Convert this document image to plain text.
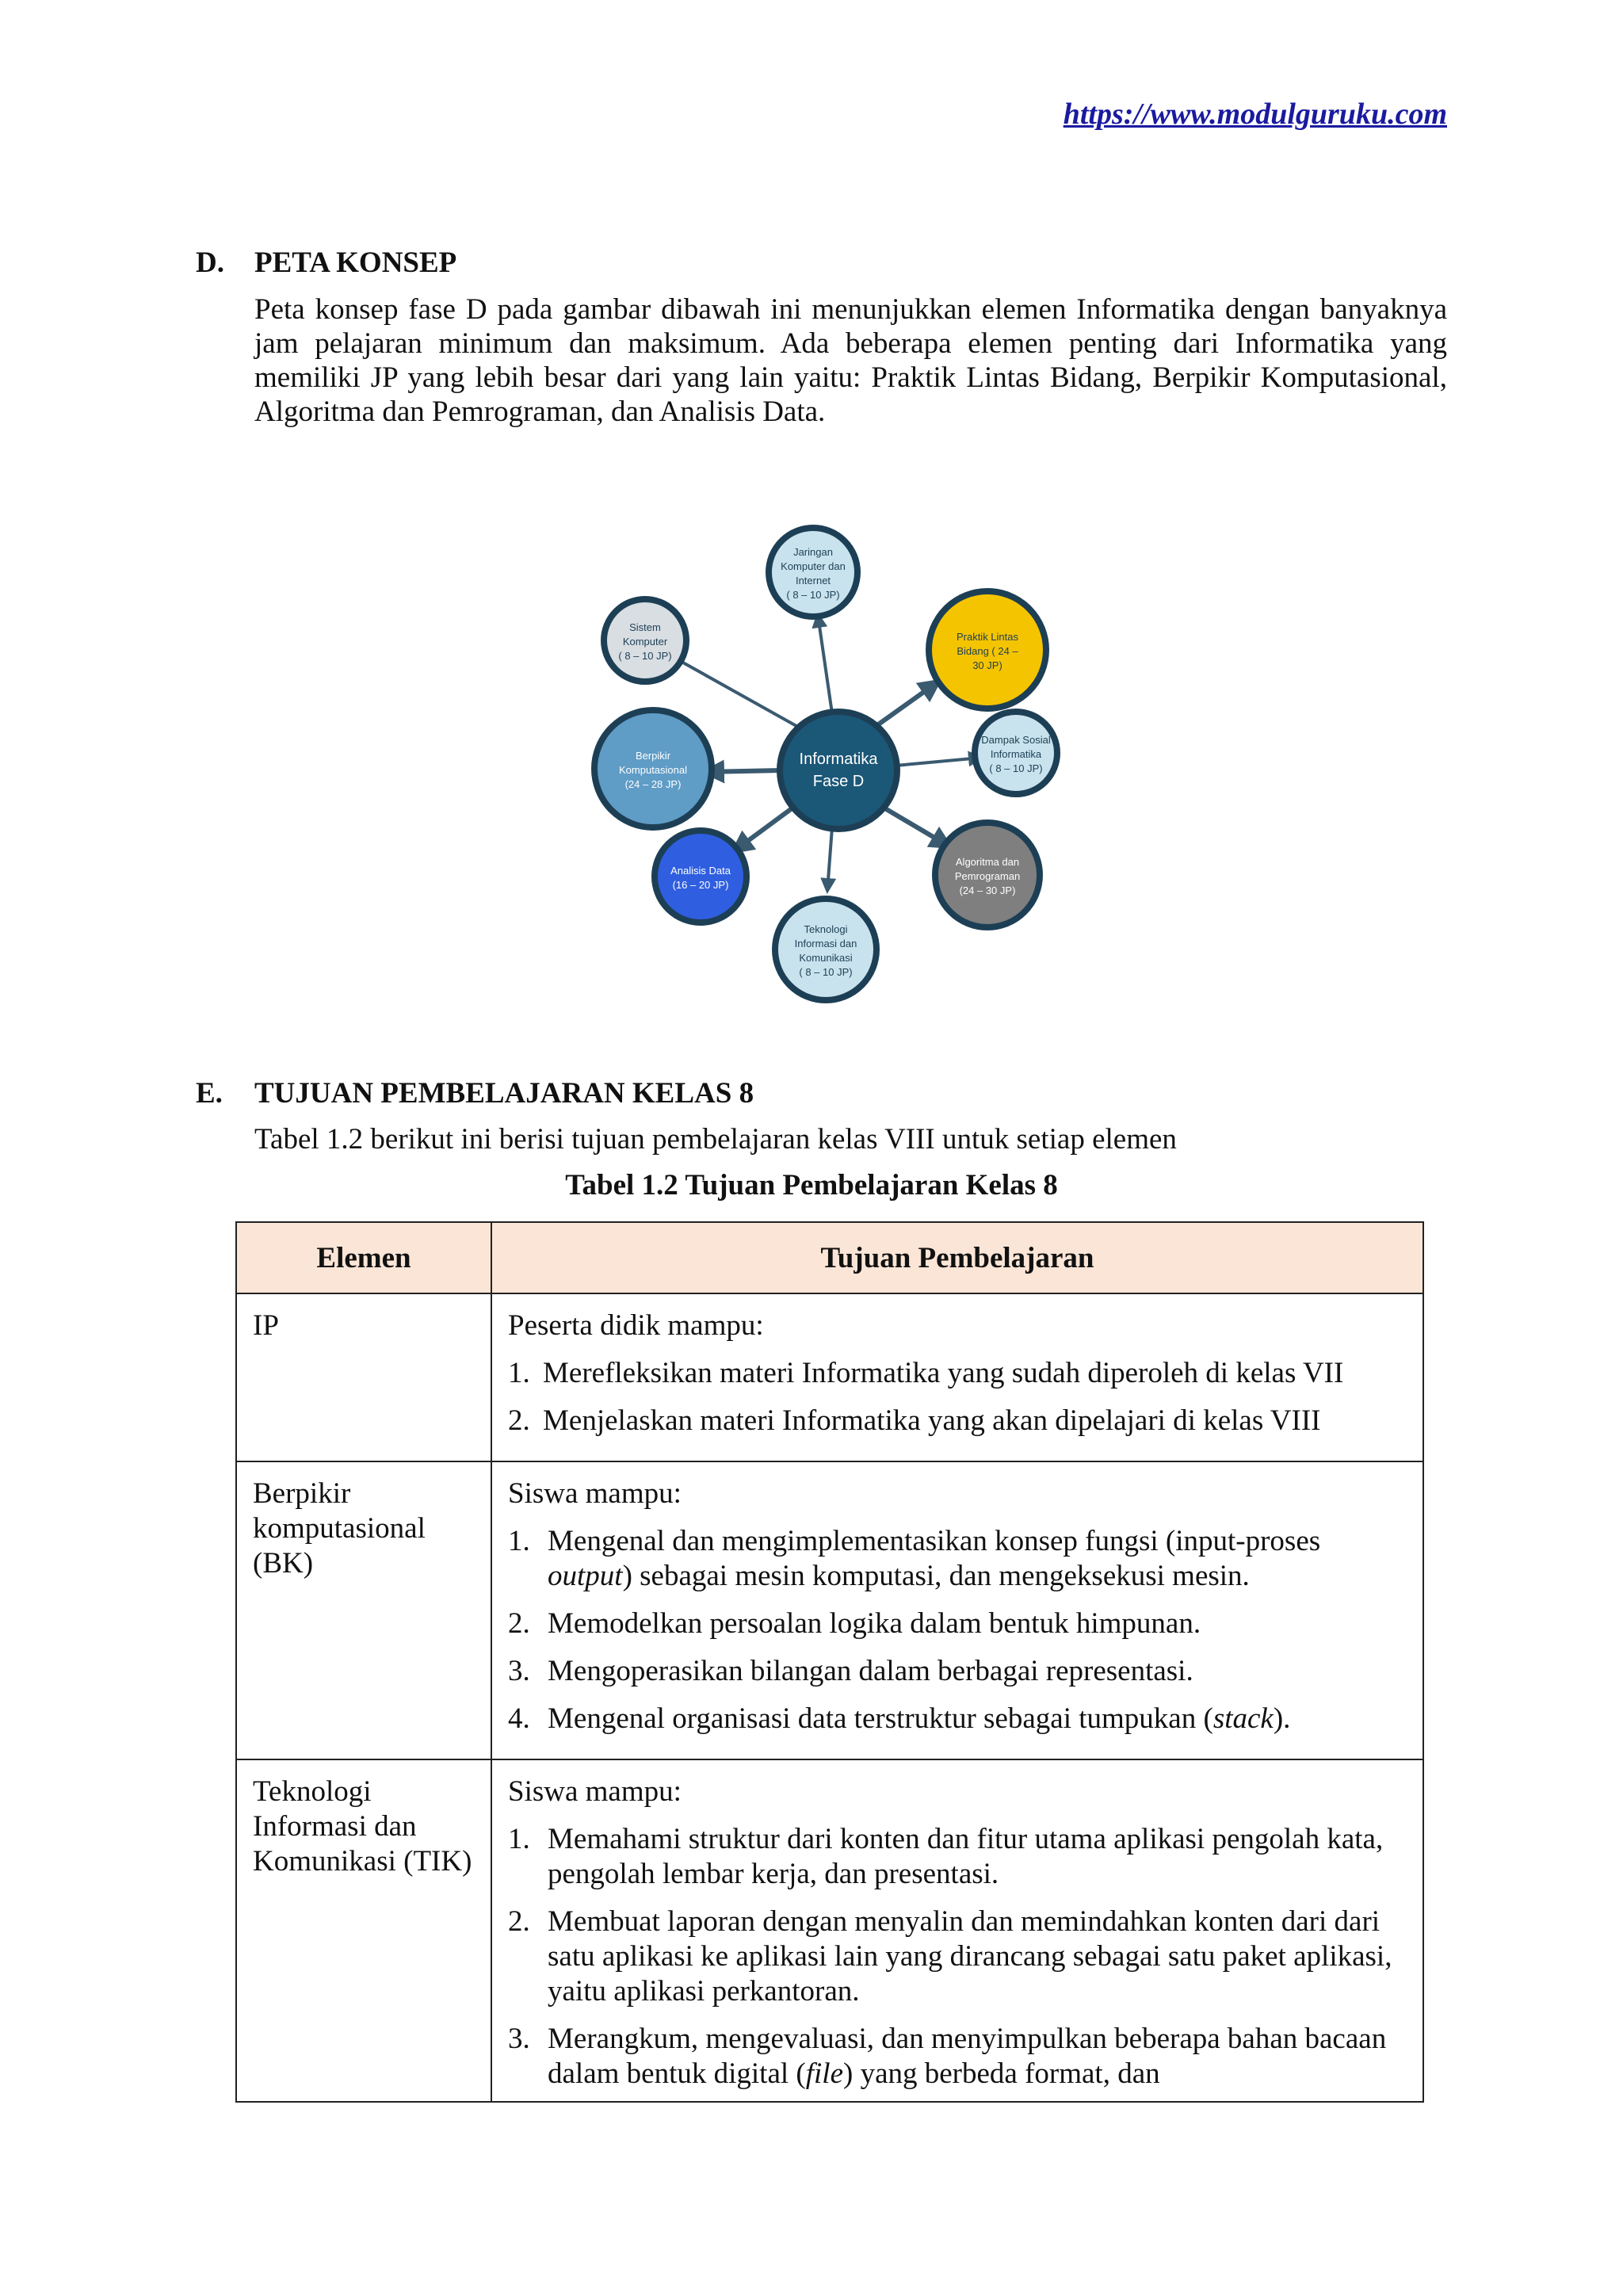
https://www.modulguruku.com
D. PETA KONSEP
Peta konsep fase D pada gambar dibawah ini menunjukkan elemen Informatika dengan banyaknya jam pelajaran minimum dan maksimum. Ada beberapa elemen penting dari Informatika yang memiliki JP yang lebih besar dari yang lain yaitu: Praktik Lintas Bidang, Berpikir Komputasional, Algoritma dan Pemrograman, dan Analisis Data.
Informatika
Fase D
Sistem
Komputer
( 8 – 10 JP)
Jaringan
Komputer dan
Internet
( 8 – 10 JP)
Praktik Lintas
Bidang ( 24 –
30 JP)
Dampak Sosial
Informatika
( 8 – 10 JP)
Algoritma dan
Pemrograman
(24 – 30 JP)
Teknologi
Informasi dan
Komunikasi
( 8 – 10 JP)
Analisis Data
(16 – 20 JP)
Berpikir
Komputasional
(24 – 28 JP)
E. TUJUAN PEMBELAJARAN KELAS 8
Tabel 1.2 berikut ini berisi tujuan pembelajaran kelas VIII untuk setiap elemen
Tabel 1.2 Tujuan Pembelajaran Kelas 8
Elemen	Tujuan Pembelajaran
IP	Peserta didik mampu:
1. Merefleksikan materi Informatika yang sudah diperoleh di kelas VII
2. Menjelaskan materi Informatika yang akan dipelajari di kelas VIII

Berpikir komputasional (BK)	Siswa mampu:
1. Mengenal dan mengimplementasikan konsep fungsi (input-proses output) sebagai mesin komputasi, dan mengeksekusi mesin.
2. Memodelkan persoalan logika dalam bentuk himpunan.
3. Mengoperasikan bilangan dalam berbagai representasi.
4. Mengenal organisasi data terstruktur sebagai tumpukan (stack).

Teknologi Informasi dan Komunikasi (TIK)	Siswa mampu:
1. Memahami struktur dari konten dan fitur utama aplikasi pengolah kata, pengolah lembar kerja, dan presentasi.
2. Membuat laporan dengan menyalin dan memindahkan konten dari dari satu aplikasi ke aplikasi lain yang dirancang sebagai satu paket aplikasi, yaitu aplikasi perkantoran.
3. Merangkum, mengevaluasi, dan menyimpulkan beberapa bahan bacaan dalam bentuk digital (file) yang berbeda format, dan
